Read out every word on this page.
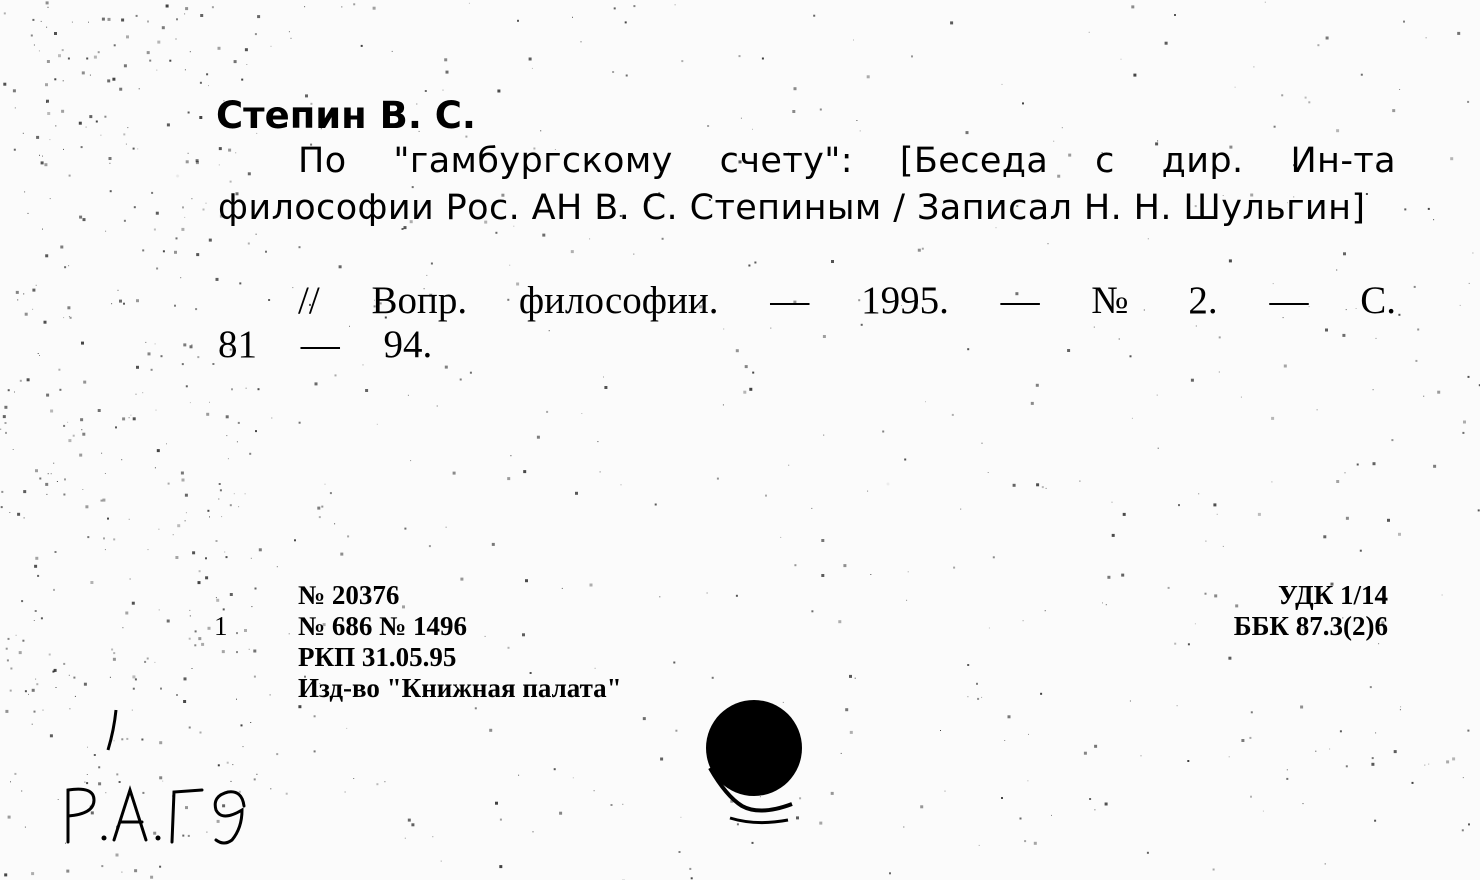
Степин В. С.

По "гамбургскому счету": [Беседа с дир. Ин-та философии Рос. АН В. С. Степиным / Записал Н. Н. Шульгин]

// Вопр. философии. — 1995. — № 2. — С. 81 — 94.

1
№ 20376
№ 686 № 1496
РКП 31.05.95
Изд-во "Книжная палата"
УДК 1/14
ББК 87.3(2)6
